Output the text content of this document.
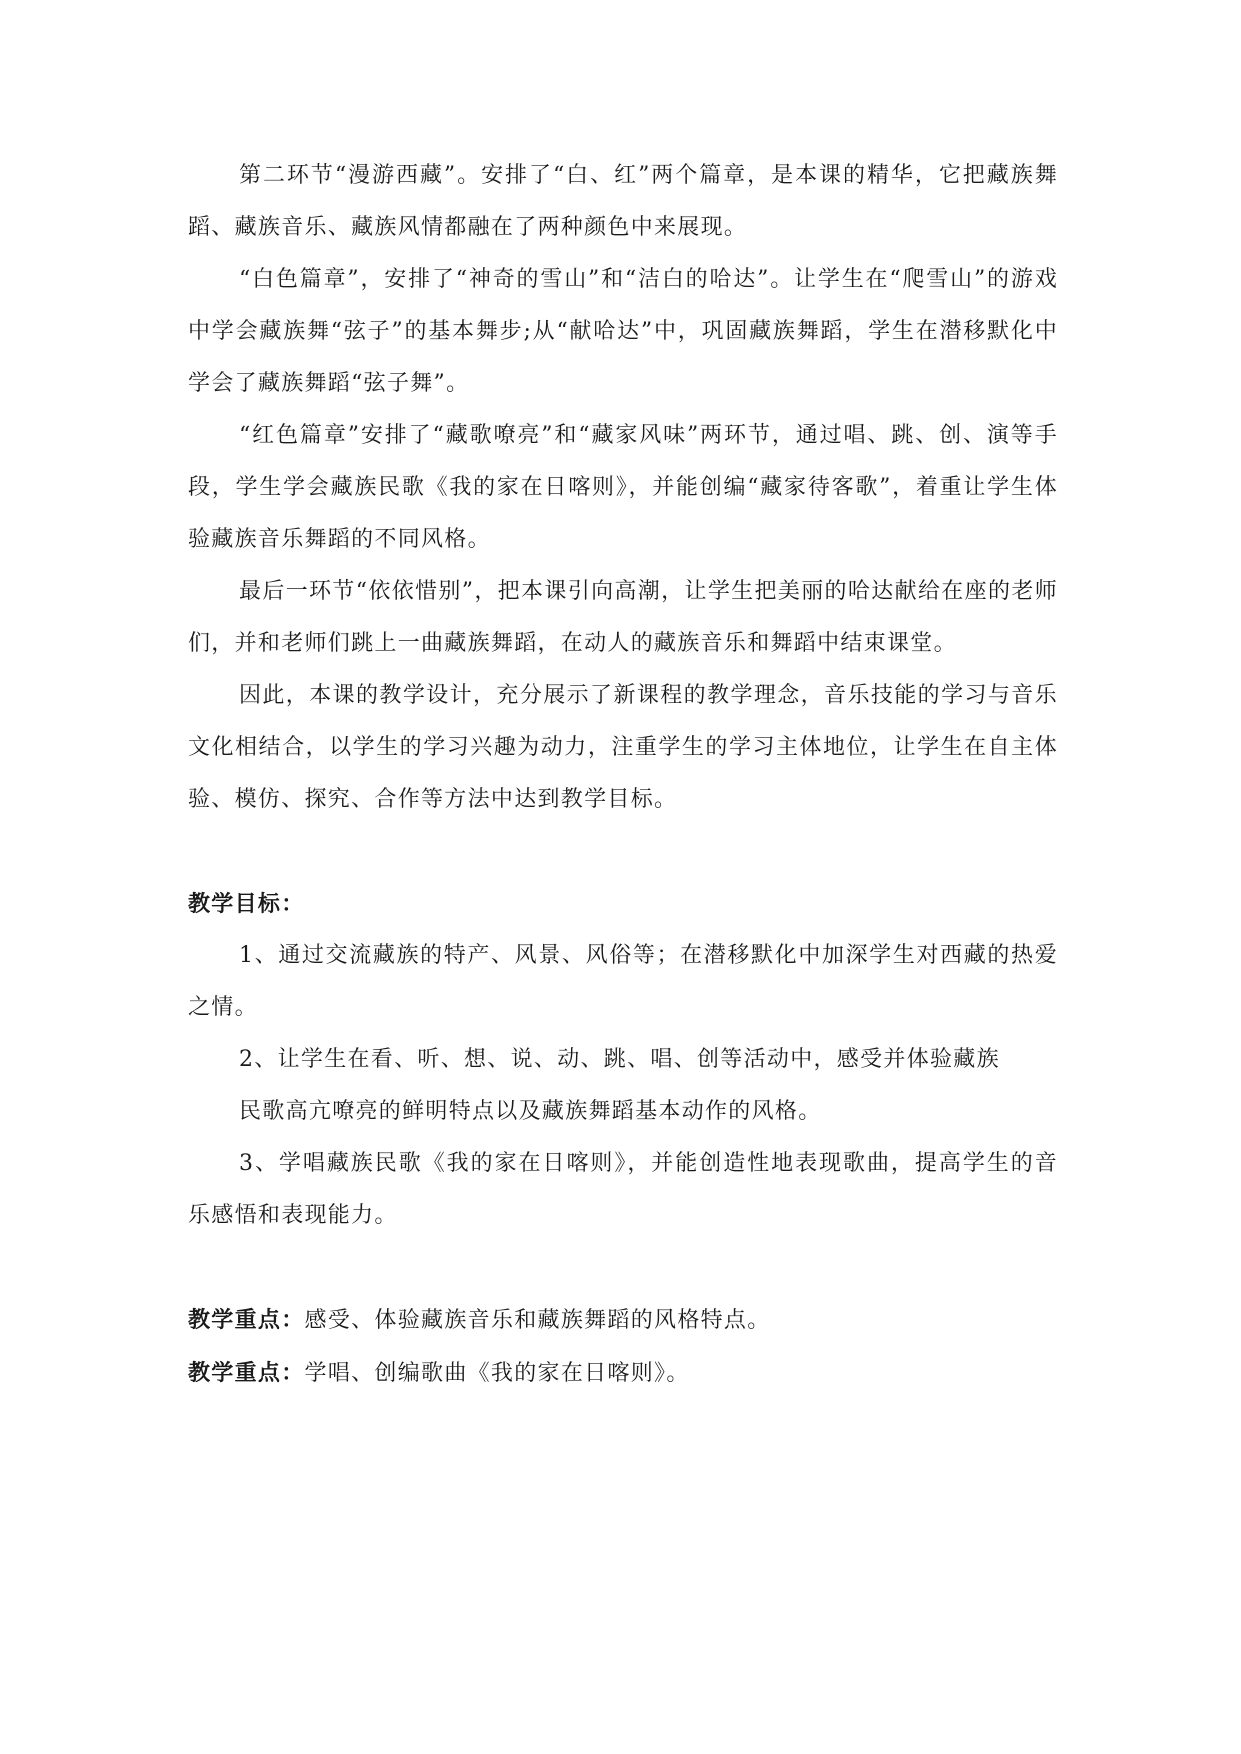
第二环节“漫游西藏”。安排了“白、红”两个篇章，是本课的精华，它把藏族舞蹈、藏族音乐、藏族风情都融在了两种颜色中来展现。

“白色篇章”，安排了“神奇的雪山”和“洁白的哈达”。让学生在“爬雪山”的游戏中学会藏族舞“弦子”的基本舞步;从“献哈达”中，巩固藏族舞蹈，学生在潜移默化中学会了藏族舞蹈“弦子舞”。

“红色篇章”安排了“藏歌嘹亮”和“藏家风味”两环节，通过唱、跳、创、演等手段，学生学会藏族民歌《我的家在日喀则》，并能创编“藏家待客歌”，着重让学生体验藏族音乐舞蹈的不同风格。

最后一环节“依依惜别”，把本课引向高潮，让学生把美丽的哈达献给在座的老师们，并和老师们跳上一曲藏族舞蹈，在动人的藏族音乐和舞蹈中结束课堂。

因此，本课的教学设计，充分展示了新课程的教学理念，音乐技能的学习与音乐文化相结合，以学生的学习兴趣为动力，注重学生的学习主体地位，让学生在自主体验、模仿、探究、合作等方法中达到教学目标。

教学目标：

1、通过交流藏族的特产、风景、风俗等；在潜移默化中加深学生对西藏的热爱之情。

2、让学生在看、听、想、说、动、跳、唱、创等活动中，感受并体验藏族

民歌高亢嘹亮的鲜明特点以及藏族舞蹈基本动作的风格。

3、学唱藏族民歌《我的家在日喀则》，并能创造性地表现歌曲，提高学生的音乐感悟和表现能力。

教学重点：感受、体验藏族音乐和藏族舞蹈的风格特点。

教学重点：学唱、创编歌曲《我的家在日喀则》。
